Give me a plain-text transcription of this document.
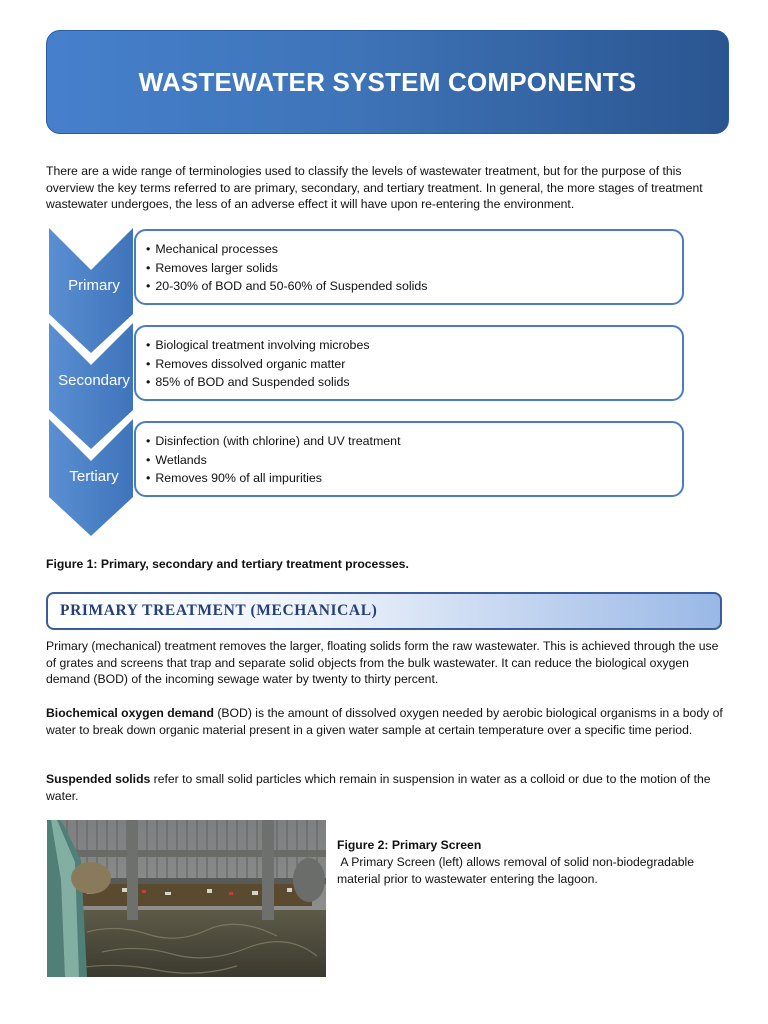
WASTEWATER SYSTEM COMPONENTS

There are a wide range of terminologies used to classify the levels of wastewater treatment, but for the purpose of this overview the key terms referred to are primary, secondary, and tertiary treatment. In general, the more stages of treatment wastewater undergoes, the less of an adverse effect it will have upon re-entering the environment.

Primary
Secondary
Tertiary
• Mechanical processes
• Removes larger solids
• 20-30% of BOD and 50-60% of Suspended solids
• Biological treatment involving microbes
• Removes dissolved organic matter
• 85% of BOD and Suspended solids
• Disinfection (with chlorine) and UV treatment
• Wetlands
• Removes 90% of all impurities
Figure 1: Primary, secondary and tertiary treatment processes.
PRIMARY TREATMENT (MECHANICAL)

Primary (mechanical) treatment removes the larger, floating solids form the raw wastewater. This is achieved through the use of grates and screens that trap and separate solid objects from the bulk wastewater. It can reduce the biological oxygen demand (BOD) of the incoming sewage water by twenty to thirty percent.

Biochemical oxygen demand (BOD) is the amount of dissolved oxygen needed by aerobic biological organisms in a body of water to break down organic material present in a given water sample at certain temperature over a specific time period.

Suspended solids refer to small solid particles which remain in suspension in water as a colloid or due to the motion of the water.

Figure 2: Primary Screen
A Primary Screen (left) allows removal of solid non-biodegradable material prior to wastewater entering the lagoon.
